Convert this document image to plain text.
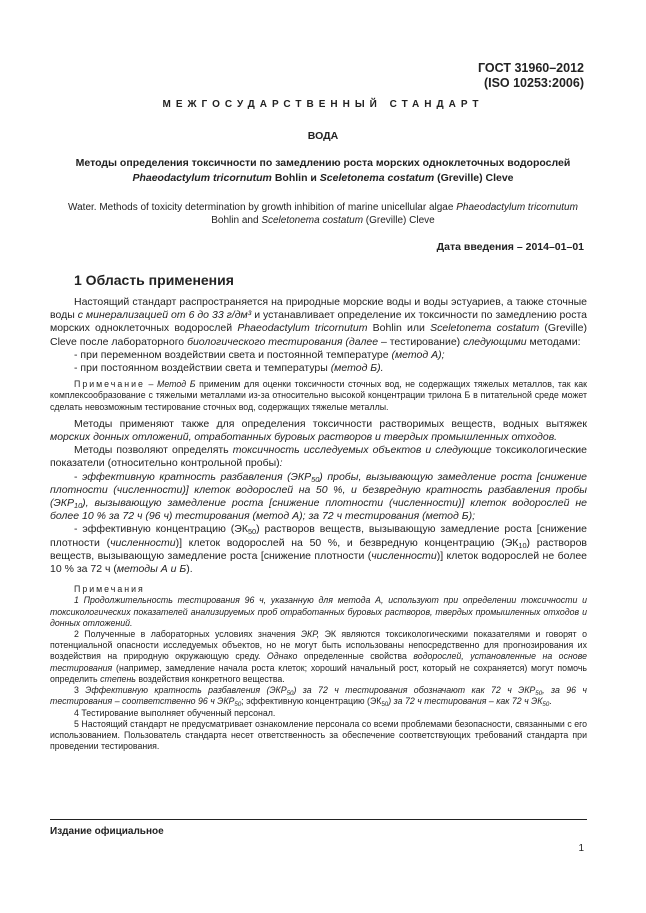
ГОСТ 31960–2012
(ISO 10253:2006)
МЕЖГОСУДАРСТВЕННЫЙ СТАНДАРТ
ВОДА
Методы определения токсичности по замедлению роста морских одноклеточных водорослей
Phaeodactylum tricornutum Bohlin и Sceletonema costatum (Greville) Cleve
Water. Methods of toxicity determination by growth inhibition of marine unicellular algae Phaeodactylum tricornutum
Bohlin and Sceletonema costatum (Greville) Cleve
Дата введения – 2014–01–01
1 Область применения

Настоящий стандарт распространяется на природные морские воды и воды эстуариев, а также сточные воды с минерализацией от 6 до 33 г/дм³ и устанавливает определение их токсичности по замедлению роста морских одноклеточных водорослей Phaeodactylum tricornutum Bohlin или Sceletonema costatum (Greville) Cleve после лабораторного биологического тестирования (далее – тестирование) следующими методами:

- при переменном воздействии света и постоянной температуре (метод А);

- при постоянном воздействии света и температуры (метод Б).

Примечание – Метод Б применим для оценки токсичности сточных вод, не содержащих тяжелых металлов, так как комплексообразование с тяжелыми металлами из-за относительно высокой концентрации трилона Б в питательной среде может сделать невозможным тестирование сточных вод, содержащих тяжелые металлы.

Методы применяют также для определения токсичности растворимых веществ, водных вытяжек морских донных отложений, отработанных буровых растворов и твердых промышленных отходов.

Методы позволяют определять токсичность исследуемых объектов и следующие токсикологические показатели (относительно контрольной пробы):

- эффективную кратность разбавления $(ЭКР_{50})$ пробы, вызывающую замедление роста [снижение плотности (численности)] клеток водорослей на 50 %, и безвредную кратность разбавления пробы $(ЭКР_{10})$, вызывающую замедление роста [снижение плотности (численности)] клеток водорослей не более 10 % за 72 ч (96 ч) тестирования (метод А); за 72 ч тестирования (метод Б);

- эффективную концентрацию $(ЭК_{50})$ растворов веществ, вызывающую замедление роста [снижение плотности (численности)] клеток водорослей на 50 %, и безвредную концентрацию $(ЭК_{10})$ растворов веществ, вызывающую замедление роста [снижение плотности (численности)] клеток водорослей не более 10 % за 72 ч (методы А и Б).

Примечания

1 Продолжительность тестирования 96 ч, указанную для метода А, используют при определении токсичности и токсикологических показателей анализируемых проб отработанных буровых растворов, твердых промышленных отходов и донных отложений.

2 Полученные в лабораторных условиях значения ЭКР, ЭК являются токсикологическими показателями и говорят о потенциальной опасности исследуемых объектов, но не могут быть использованы непосредственно для прогнозирования их воздействия на природную окружающую среду. Однако определенные свойства водорослей, установленные на основе тестирования (например, замедление начала роста клеток; хороший начальный рост, который не сохраняется) могут помочь определить степень воздействия конкретного вещества.

3 Эффективную кратность разбавления $(ЭКР_{50})$ за 72 ч тестирования обозначают как 72 ч $ЭКР_{50}$, за 96 ч тестирования – соответственно 96 ч $ЭКР_{50}$; эффективную концентрацию $(ЭК_{50})$ за 72 ч тестирования – как 72 ч $ЭК_{50}$.

4 Тестирование выполняет обученный персонал.

5 Настоящий стандарт не предусматривает ознакомление персонала со всеми проблемами безопасности, связанными с его использованием. Пользователь стандарта несет ответственность за обеспечение соответствующих требований стандарта при проведении тестирования.

Издание официальное
1
